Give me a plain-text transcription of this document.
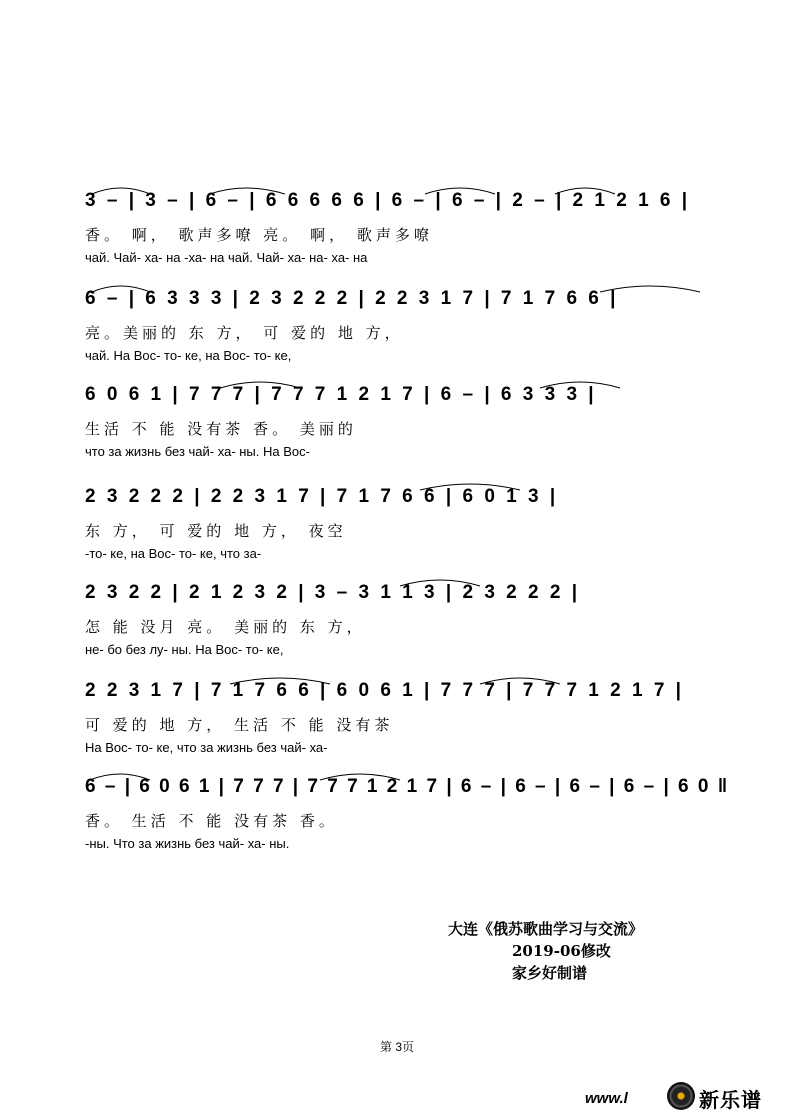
3 – | 3 – | 6 – | 6 6 6 6 6 | 6 – | 6 – | 2 – | 2 1 2 1 6 |
香。 啊， 歌声多嘹 亮。 啊， 歌声多嘹
чай. Чай- ха- на -ха- на чай. Чай- ха- на- ха- на
6 – | 6 3 3 3 | 2 3 2 2 2 | 2 2 3 1 7 | 7 1 7 6 6 |
亮。美丽的 东 方， 可 爱的 地 方，
чай. На Вос- то- ке, на Вос- то- ке,
6 0 6 1 | 7 7 7 | 7 7 7 1 2 1 7 | 6 – | 6 3 3 3 |
生活 不 能 没有茶 香。 美丽的
что за жизнь без чай- ха- ны. На Вос-
2 3 2 2 2 | 2 2 3 1 7 | 7 1 7 6 6 | 6 0 1 3 |
东 方， 可 爱的 地 方， 夜空
-то- ке, на Вос- то- ке, что за-
2 3 2 2 | 2 1 2 3 2 | 3 – 3 1 1 3 | 2 3 2 2 2 |
怎 能 没月 亮。 美丽的 东 方，
не- бо без лу- ны. На Вос- то- ке,
2 2 3 1 7 | 7 1 7 6 6 | 6 0 6 1 | 7 7 7 | 7 7 7 1 2 1 7 |
可 爱的 地 方， 生活 不 能 没有茶
На Вос- то- ке, что за жизнь без чай- ха-
6 – | 6 0 6 1 | 7 7 7 | 7 7 7 1 2 1 7 | 6 – | 6 – | 6 – | 6 – | 6 0 ‖
香。 生活 不 能 没有茶 香。
-ны. Что за жизнь без чай- ха- ны.
大连《俄苏歌曲学习与交流》
2019-06修改
家乡好制谱
第 3页
www.l	新乐谱
